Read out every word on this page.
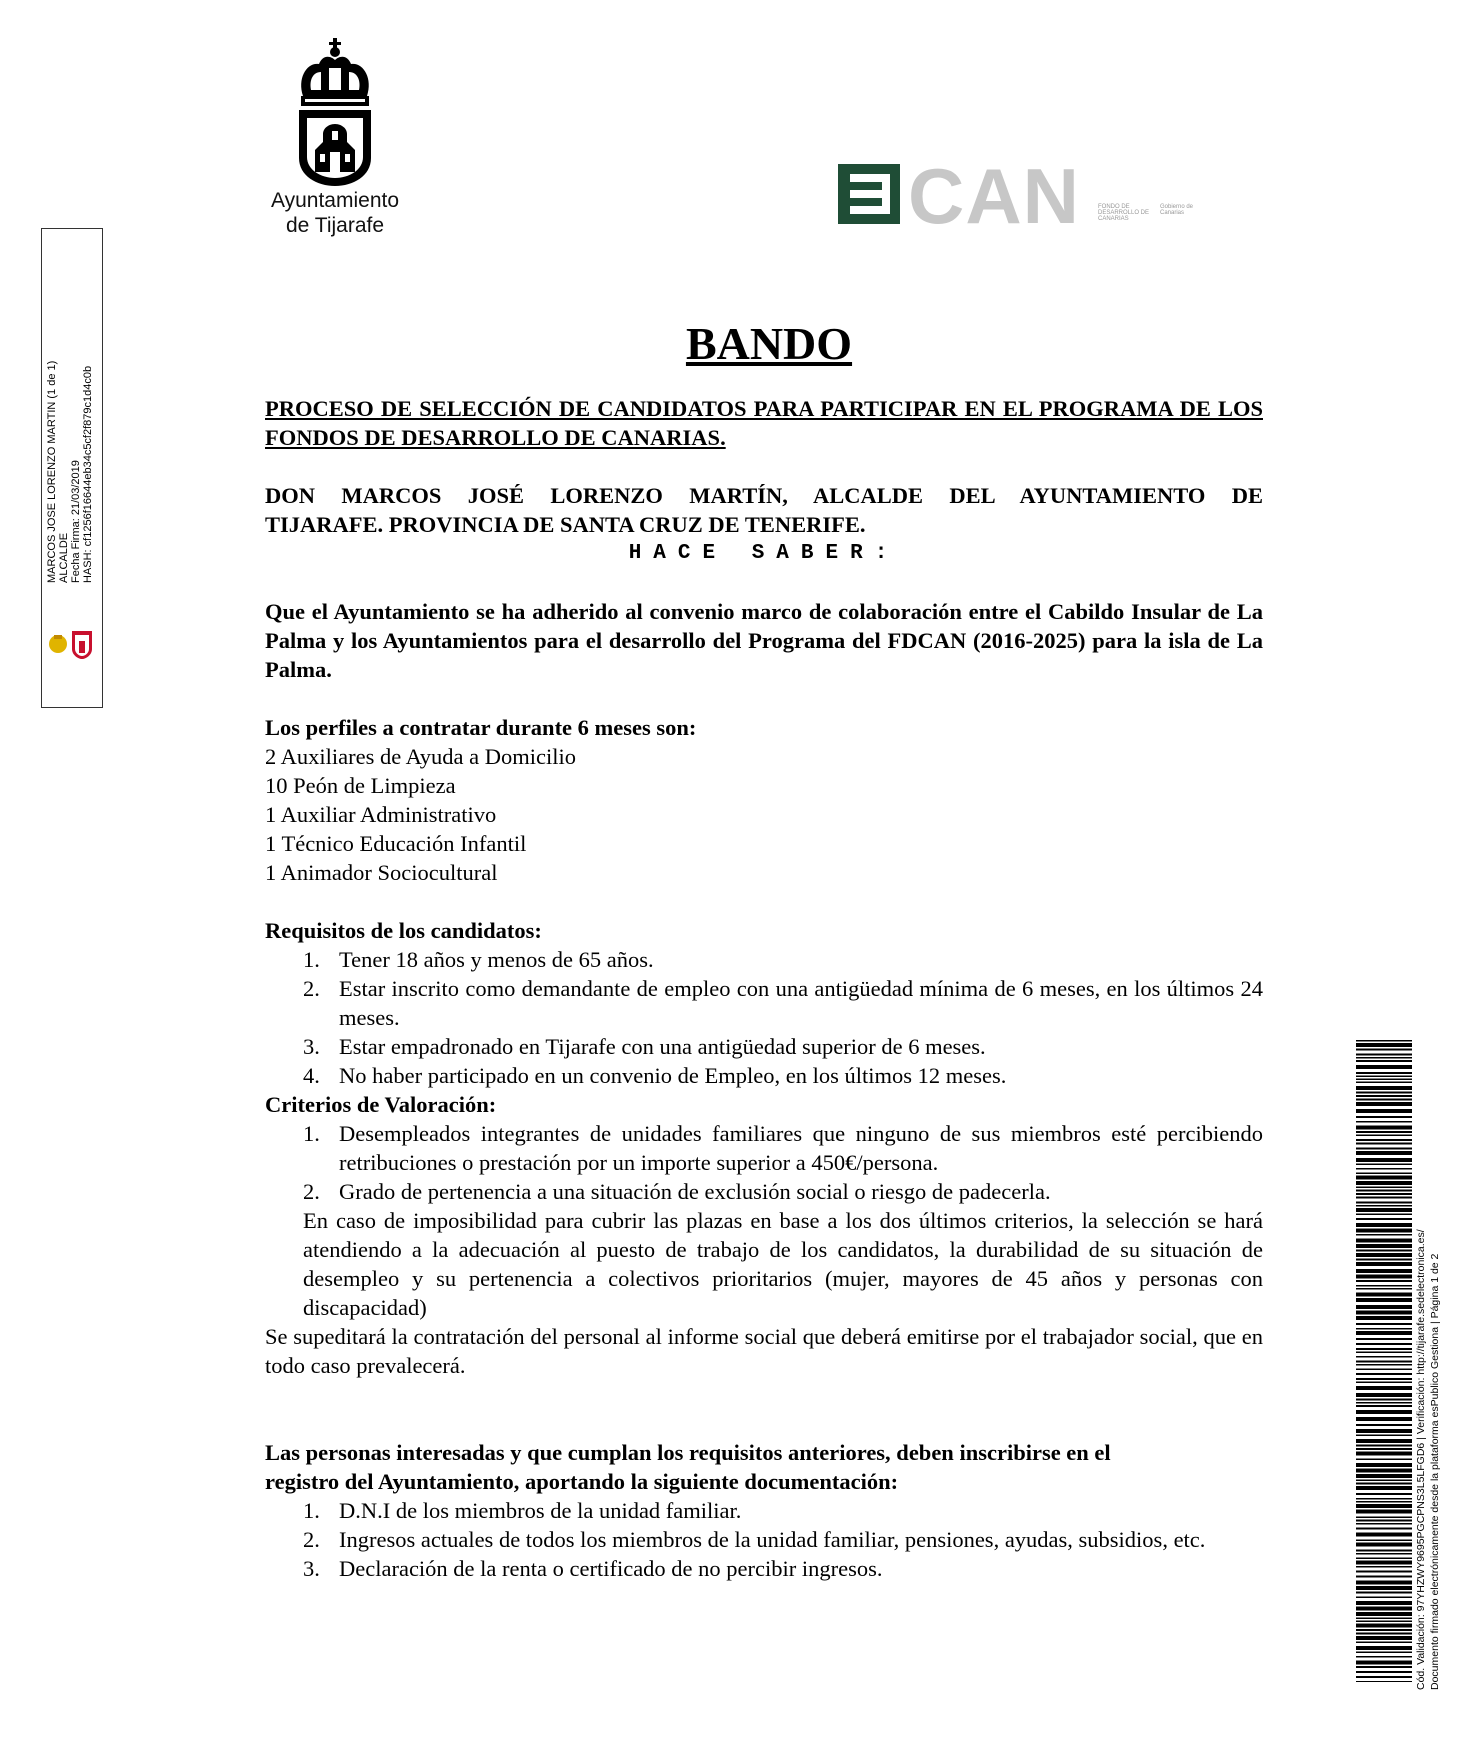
Ayuntamiento
de Tijarafe	CAN	FONDO DE DESARROLLO DE CANARIAS
Gobierno de Canarias
MARCOS JOSE LORENZO MARTIN (1 de 1) ALCALDE Fecha Firma: 21/03/2019 HASH: cf1256f16644eb34c5cf2f879c1d4c0b
Cód. Validación: 97YHZWY9695PGCPNS3L5LFGD6 | Verificación: http://tijarafe.sedelectronica.es/ Documento firmado electrónicamente desde la plataforma esPublico Gestiona | Página 1 de 2
BANDO
PROCESO DE SELECCIÓN DE CANDIDATOS PARA PARTICIPAR EN EL PROGRAMA DE LOS FONDOS DE DESARROLLO DE CANARIAS.
DON MARCOS JOSÉ LORENZO MARTÍN, ALCALDE DEL AYUNTAMIENTO DE
TIJARAFE. PROVINCIA DE SANTA CRUZ DE TENERIFE.
HACE SABER:
Que el Ayuntamiento se ha adherido al convenio marco de colaboración entre el Cabildo Insular de La Palma y los Ayuntamientos para el desarrollo del Programa del FDCAN (2016-2025) para la isla de La Palma.
Los perfiles a contratar durante 6 meses son:
2 Auxiliares de Ayuda a Domicilio
10 Peón de Limpieza
1 Auxiliar Administrativo
1 Técnico Educación Infantil
1 Animador Sociocultural
Requisitos de los candidatos:
1. Tener 18 años y menos de 65 años.
2. Estar inscrito como demandante de empleo con una antigüedad mínima de 6 meses, en los últimos 24 meses.
3. Estar empadronado en Tijarafe con una antigüedad superior de 6 meses.
4. No haber participado en un convenio de Empleo, en los últimos 12 meses.
Criterios de Valoración:
1. Desempleados integrantes de unidades familiares que ninguno de sus miembros esté percibiendo retribuciones o prestación por un importe superior a 450€/persona.
2. Grado de pertenencia a una situación de exclusión social o riesgo de padecerla.
En caso de imposibilidad para cubrir las plazas en base a los dos últimos criterios, la selección se hará atendiendo a la adecuación al puesto de trabajo de los candidatos, la durabilidad de su situación de desempleo y su pertenencia a colectivos prioritarios (mujer, mayores de 45 años y personas con discapacidad)
Se supeditará la contratación del personal al informe social que deberá emitirse por el trabajador social, que en todo caso prevalecerá.
Las personas interesadas y que cumplan los requisitos anteriores, deben inscribirse en el
registro del Ayuntamiento, aportando la siguiente documentación:
1. D.N.I de los miembros de la unidad familiar.
2. Ingresos actuales de todos los miembros de la unidad familiar, pensiones, ayudas, subsidios, etc.
3. Declaración de la renta o certificado de no percibir ingresos.
